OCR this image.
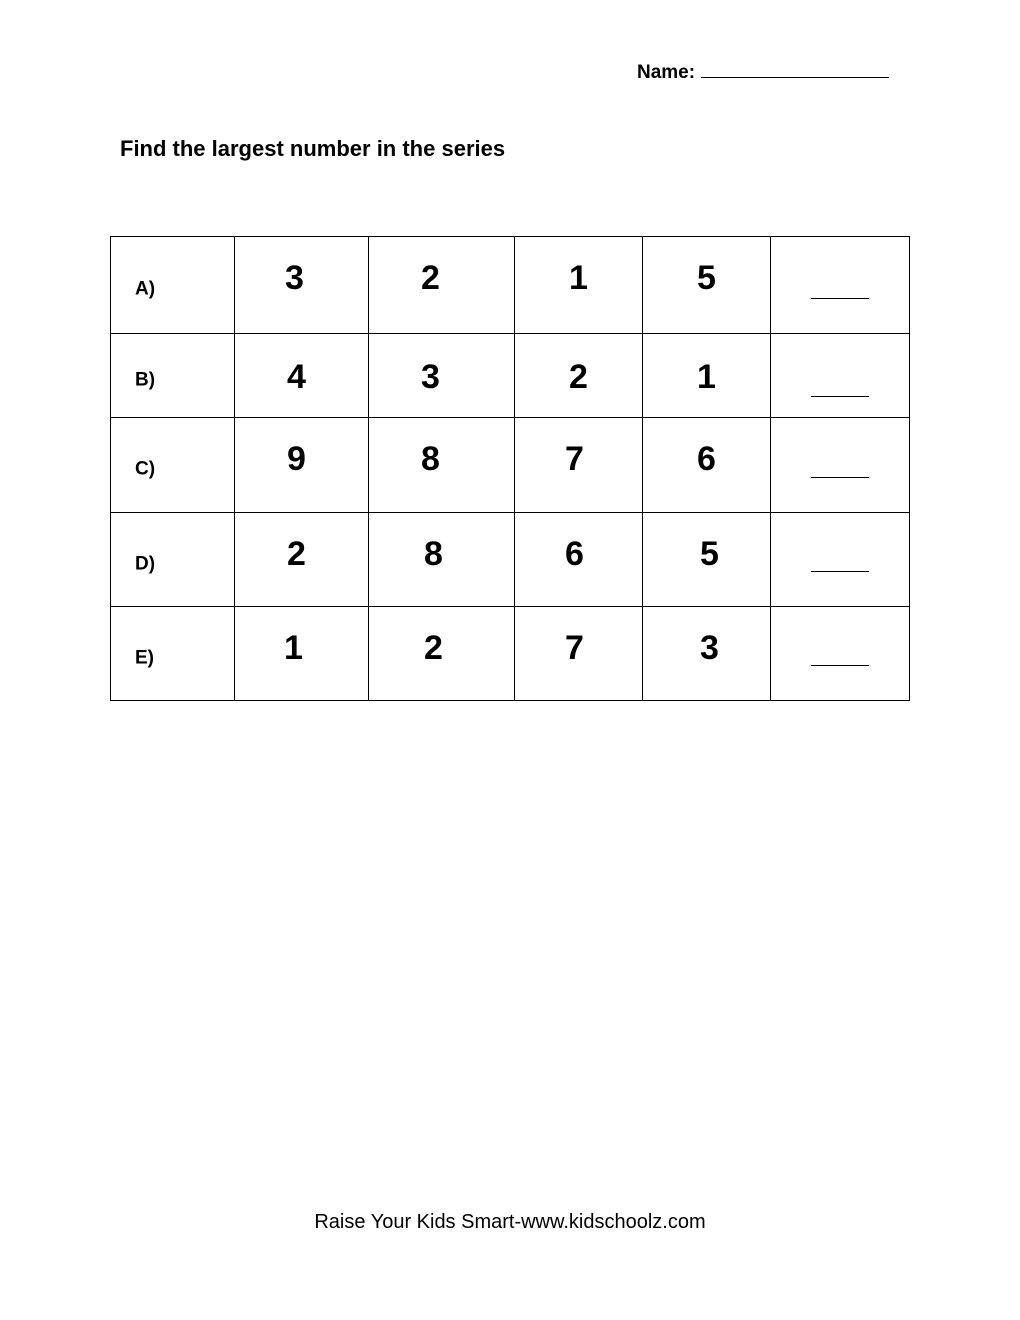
Name:
Find the largest number in the series
A)	3	2	1	5	

B)	4	3	2	1	

C)	9	8	7	6	

D)	2	8	6	5	

E)	1	2	7	3	

Raise Your Kids Smart-www.kidschoolz.com
